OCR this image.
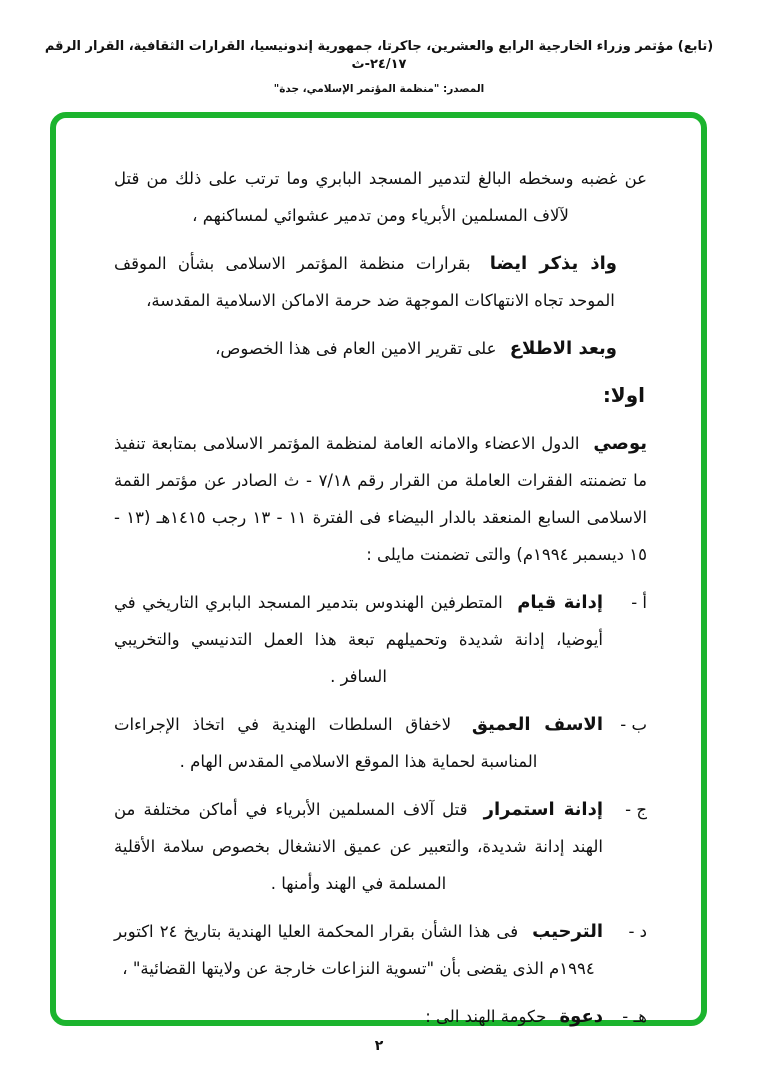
(تابع) مؤتمر وزراء الخارجية الرابع والعشرين، جاكرتا، جمهورية إندونيسيا، القرارات الثقافية، القرار الرقم ٢٤/١٧-ث
المصدر: "منظمة المؤتمر الإسلامي، جدة"

عن غضبه وسخطه البالغ لتدمير المسجد البابري وما ترتب على ذلك من قتل لآلاف المسلمين الأبرياء ومن تدمير عشوائي لمساكنهم ،

واذ يذكر ايضا بقرارات منظمة المؤتمر الاسلامى بشأن الموقف الموحد تجاه الانتهاكات الموجهة ضد حرمة الاماكن الاسلامية المقدسة،

وبعد الاطلاع على تقرير الامين العام فى هذا الخصوص،

اولا:

يوصي الدول الاعضاء والامانه العامة لمنظمة المؤتمر الاسلامى بمتابعة تنفيذ ما تضمنته الفقرات العاملة من القرار رقم ٧/١٨ - ث الصادر عن مؤتمر القمة الاسلامى السابع المنعقد بالدار البيضاء فى الفترة ١١ - ١٣ رجب ١٤١٥هـ (١٣ - ١٥ ديسمبر ١٩٩٤م) والتى تضمنت مايلى :

أ -

إدانة قيام المتطرفين الهندوس بتدمير المسجد البابري التاريخي في أيوضيا، إدانة شديدة وتحميلهم تبعة هذا العمل التدنيسي والتخريبي السافر .

ب -

الاسف العميق لاخفاق السلطات الهندية في اتخاذ الإجراءات المناسبة لحماية هذا الموقع الاسلامي المقدس الهام .

ج -

إدانة استمرار قتل آلاف المسلمين الأبرياء في أماكن مختلفة من الهند إدانة شديدة، والتعبير عن عميق الانشغال بخصوص سلامة الأقلية المسلمة في الهند وأمنها .

د -

الترحيب فى هذا الشأن بقرار المحكمة العليا الهندية بتاريخ ٢٤ اكتوبر ١٩٩٤م الذى يقضى بأن "تسوية النزاعات خارجة عن ولايتها القضائية" ،

هـ -

دعوة حكومة الهند الى :

٢
